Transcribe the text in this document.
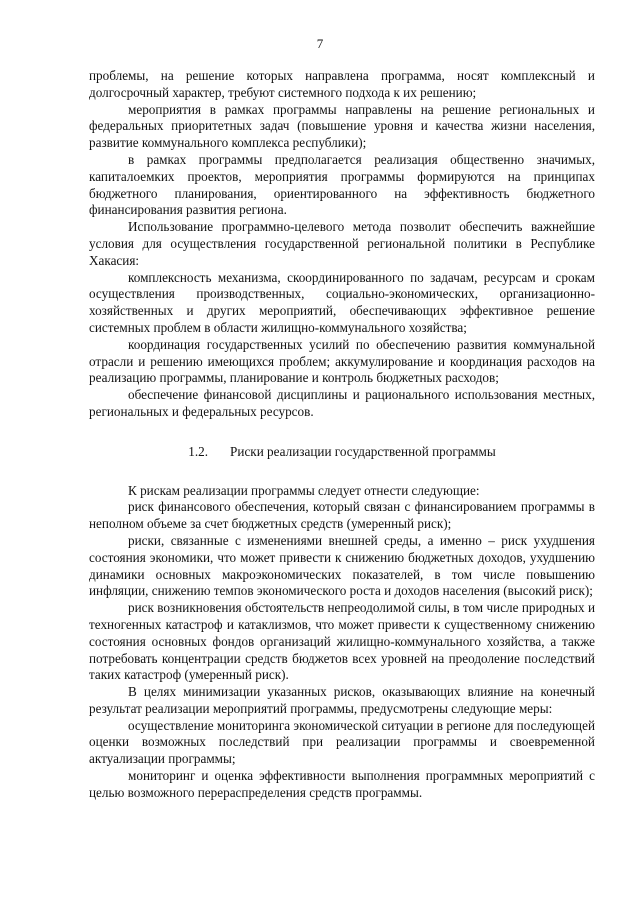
7

проблемы, на решение которых направлена программа, носят комплексный и долгосрочный характер, требуют системного подхода к их решению;

мероприятия в рамках программы направлены на решение региональных и федеральных приоритетных задач (повышение уровня и качества жизни населения, развитие коммунального комплекса республики);

в рамках программы предполагается реализация общественно значимых, капиталоемких проектов, мероприятия программы формируются на принципах бюджетного планирования, ориентированного на эффективность бюджетного финансирования развития региона.

Использование программно-целевого метода позволит обеспечить важнейшие условия для осуществления государственной региональной политики в Республике Хакасия:

комплексность механизма, скоординированного по задачам, ресурсам и срокам осуществления производственных, социально-экономических, организационно-хозяйственных и других мероприятий, обеспечивающих эффективное решение системных проблем в области жилищно-коммунального хозяйства;

координация государственных усилий по обеспечению развития коммунальной отрасли и решению имеющихся проблем; аккумулирование и координация расходов на реализацию программы, планирование и контроль бюджетных расходов;

обеспечение финансовой дисциплины и рационального использования местных, региональных и федеральных ресурсов.

1.2. Риски реализации государственной программы

К рискам реализации программы следует отнести следующие:

риск финансового обеспечения, который связан с финансированием программы в неполном объеме за счет бюджетных средств (умеренный риск);

риски, связанные с изменениями внешней среды, а именно – риск ухудшения состояния экономики, что может привести к снижению бюджетных доходов, ухудшению динамики основных макроэкономических показателей, в том числе повышению инфляции, снижению темпов экономического роста и доходов населения (высокий риск);

риск возникновения обстоятельств непреодолимой силы, в том числе природных и техногенных катастроф и катаклизмов, что может привести к существенному снижению состояния основных фондов организаций жилищно-коммунального хозяйства, а также потребовать концентрации средств бюджетов всех уровней на преодоление последствий таких катастроф (умеренный риск).

В целях минимизации указанных рисков, оказывающих влияние на конечный результат реализации мероприятий программы, предусмотрены следующие меры:

осуществление мониторинга экономической ситуации в регионе для последующей оценки возможных последствий при реализации программы и своевременной актуализации программы;

мониторинг и оценка эффективности выполнения программных мероприятий с целью возможного перераспределения средств программы.
